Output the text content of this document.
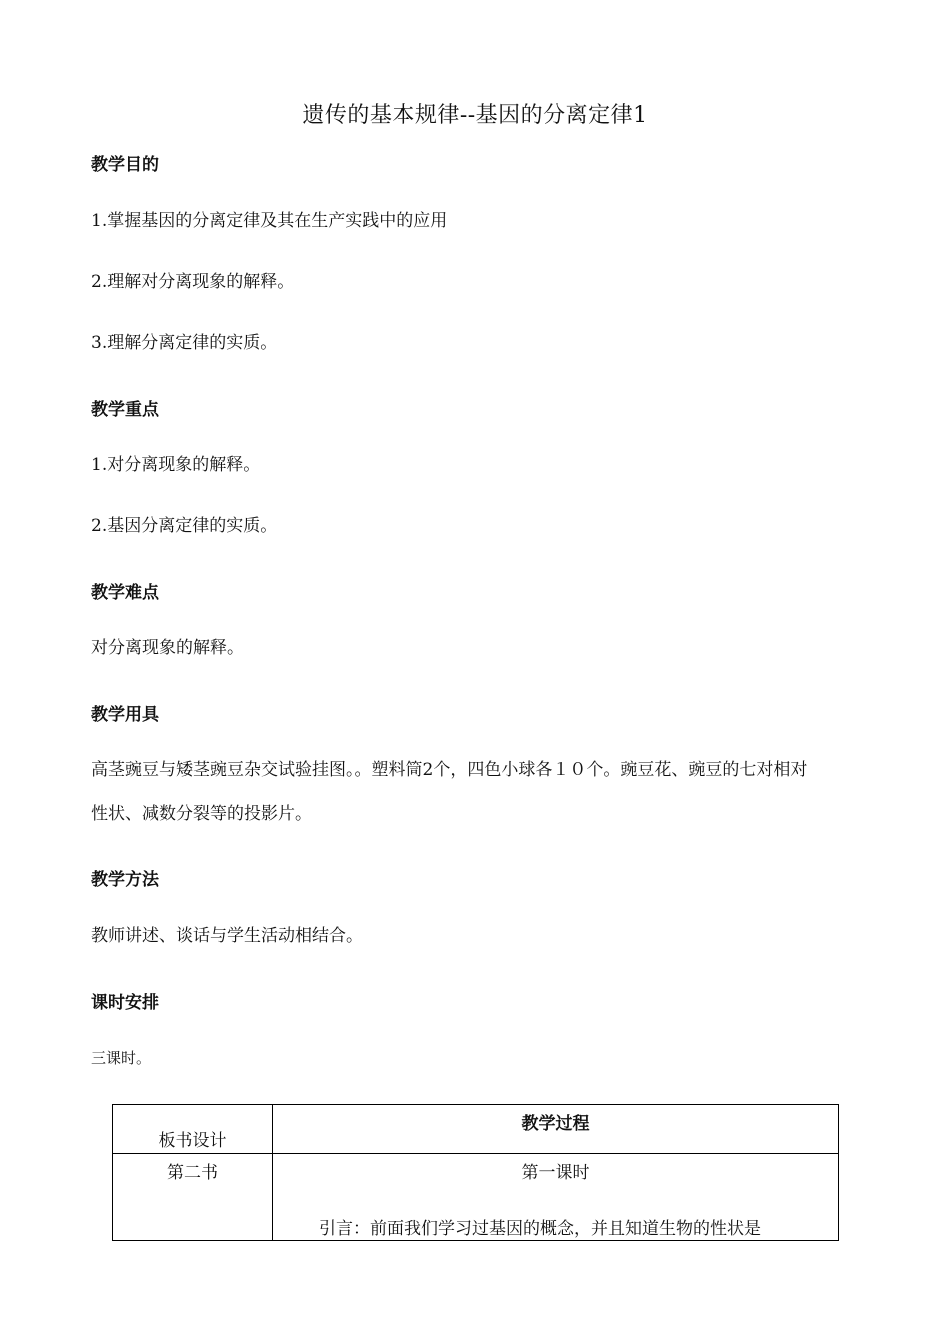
遗传的基本规律--基因的分离定律1
教学目的
1.掌握基因的分离定律及其在生产实践中的应用
2.理解对分离现象的解释。
3.理解分离定律的实质。
教学重点
1.对分离现象的解释。
2.基因分离定律的实质。
教学难点
对分离现象的解释。
教学用具
高茎豌豆与矮茎豌豆杂交试验挂图。。塑料筒2个，四色小球各１０个。豌豆花、豌豆的七对相对性状、减数分裂等的投影片。
教学方法
教师讲述、谈话与学生活动相结合。
课时安排
三课时。
板书设计	教学过程

第二书	第一课时
引言：前面我们学习过基因的概念，并且知道生物的性状是
